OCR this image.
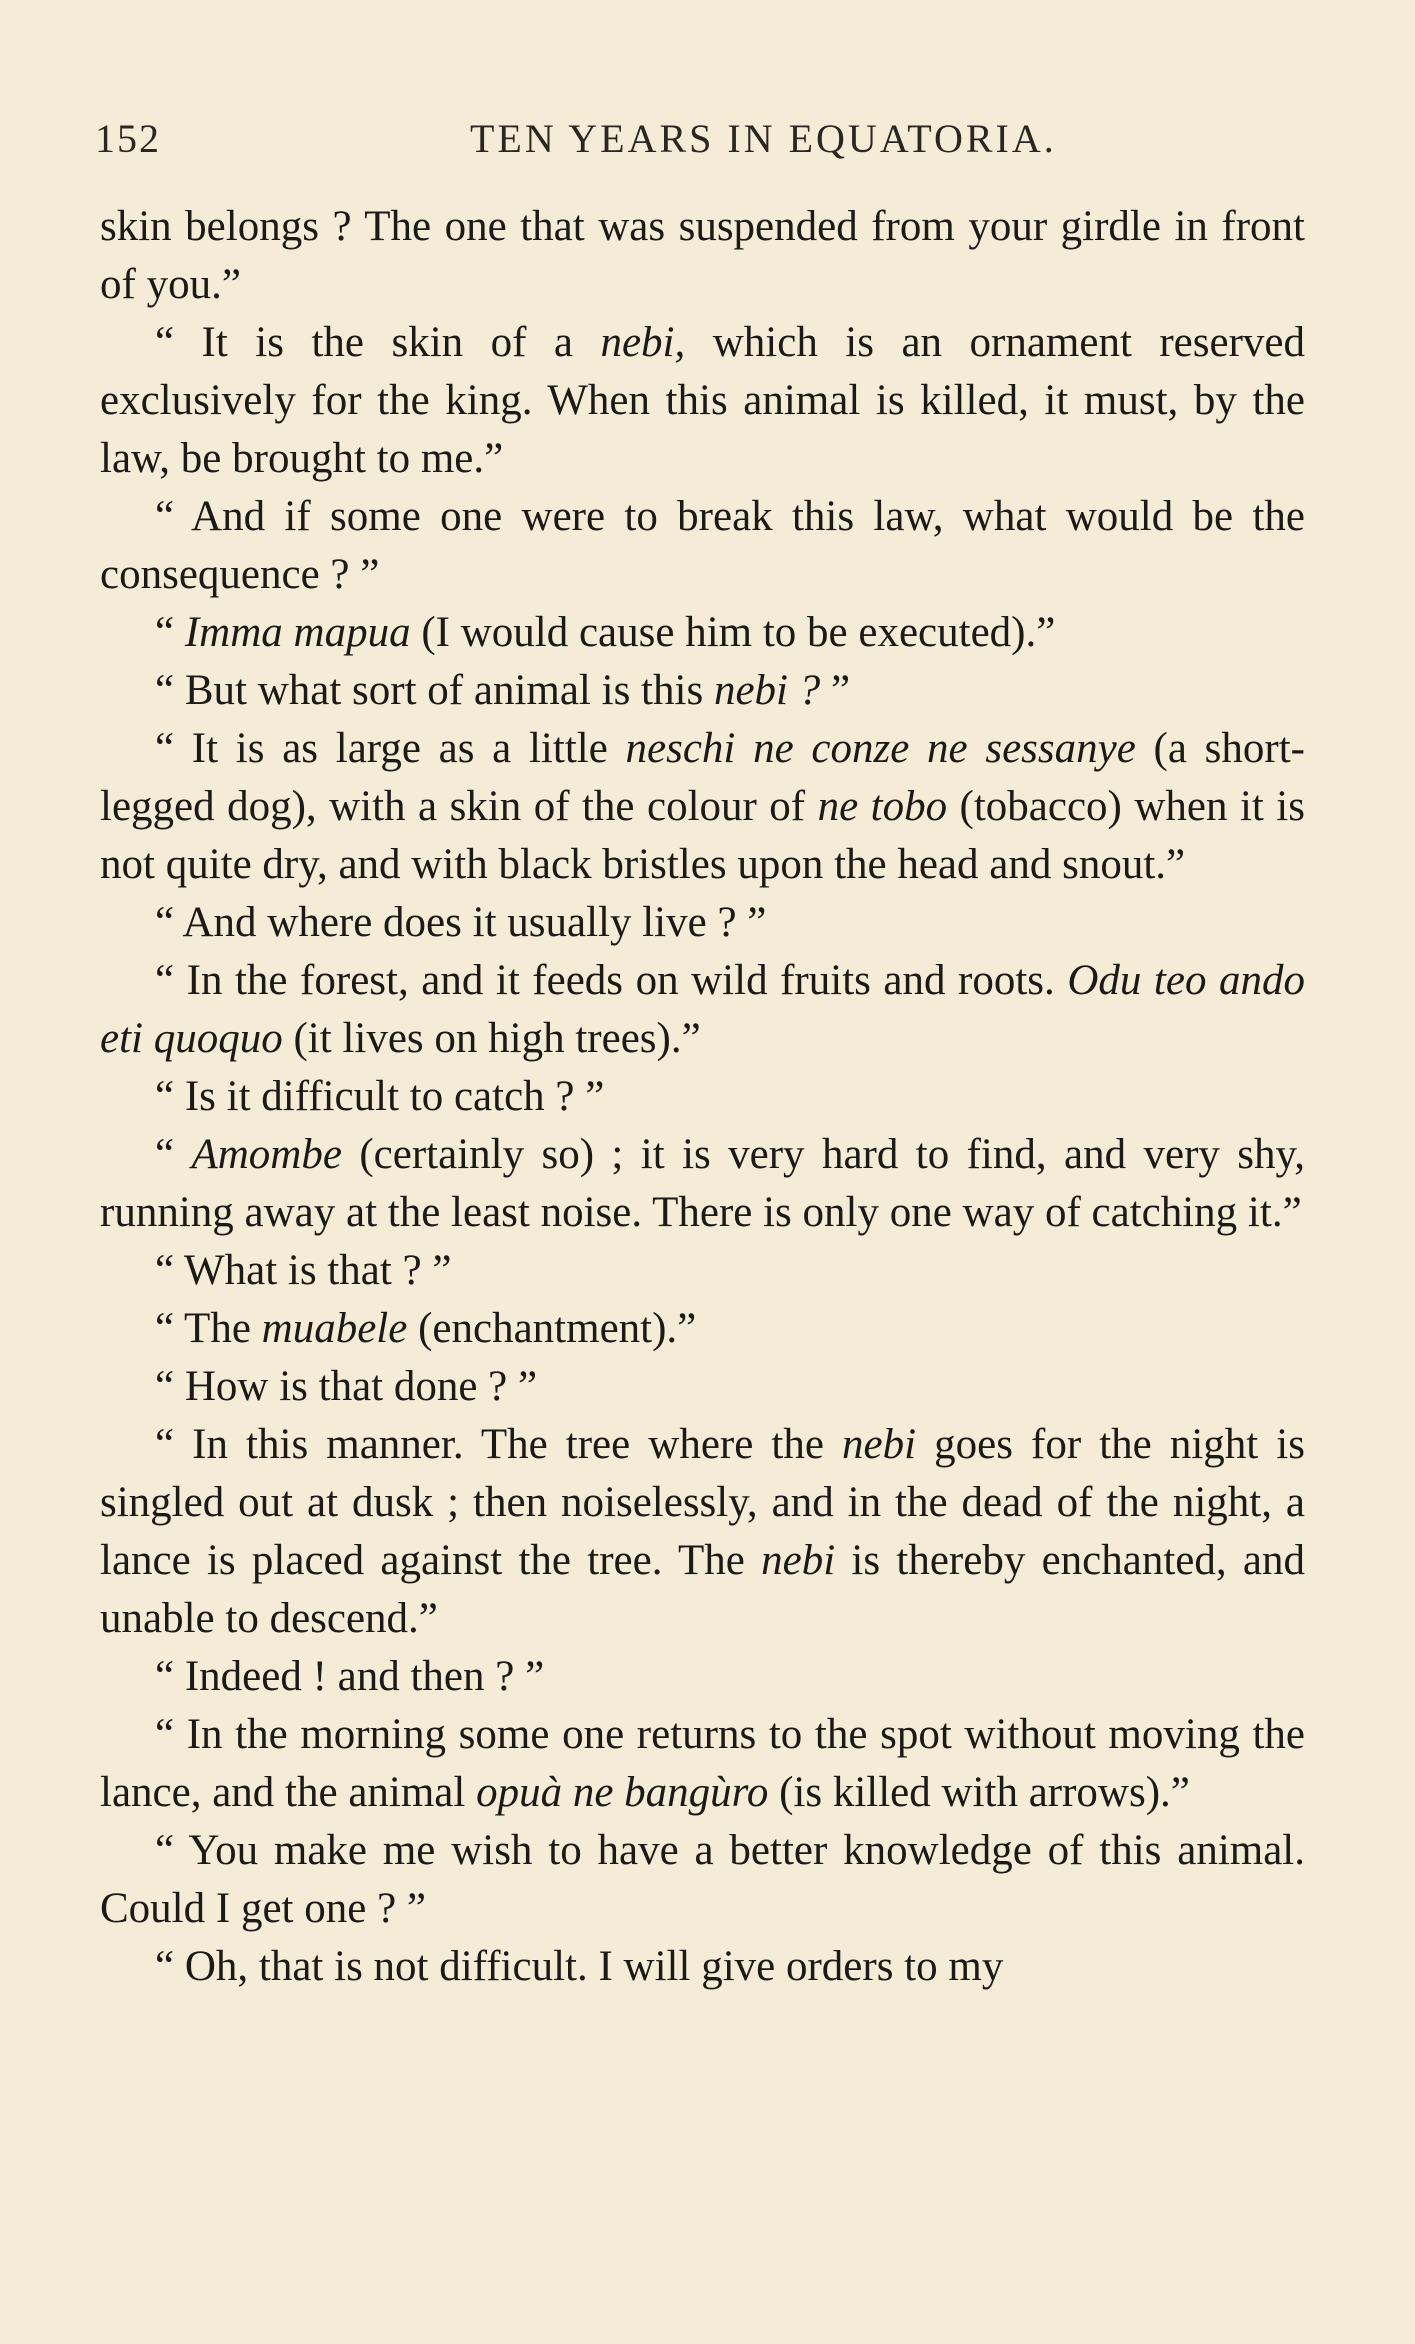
152	TEN YEARS IN EQUATORIA.

skin belongs ? The one that was suspended from your girdle in front of you.”

“ It is the skin of a nebi, which is an ornament reserved exclusively for the king. When this animal is killed, it must, by the law, be brought to me.”

“ And if some one were to break this law, what would be the consequence ? ”

“ Imma mapua (I would cause him to be executed).”

“ But what sort of animal is this nebi ? ”

“ It is as large as a little neschi ne conze ne sessanye (a short-legged dog), with a skin of the colour of ne tobo (tobacco) when it is not quite dry, and with black bristles upon the head and snout.”

“ And where does it usually live ? ”

“ In the forest, and it feeds on wild fruits and roots. Odu teo ando eti quoquo (it lives on high trees).”

“ Is it difficult to catch ? ”

“ Amombe (certainly so) ; it is very hard to find, and very shy, running away at the least noise. There is only one way of catching it.”

“ What is that ? ”

“ The muabele (enchantment).”

“ How is that done ? ”

“ In this manner. The tree where the nebi goes for the night is singled out at dusk ; then noiselessly, and in the dead of the night, a lance is placed against the tree. The nebi is thereby enchanted, and unable to descend.”

“ Indeed ! and then ? ”

“ In the morning some one returns to the spot without moving the lance, and the animal opuà ne bangùro (is killed with arrows).”

“ You make me wish to have a better knowledge of this animal. Could I get one ? ”

“ Oh, that is not difficult. I will give orders to my
